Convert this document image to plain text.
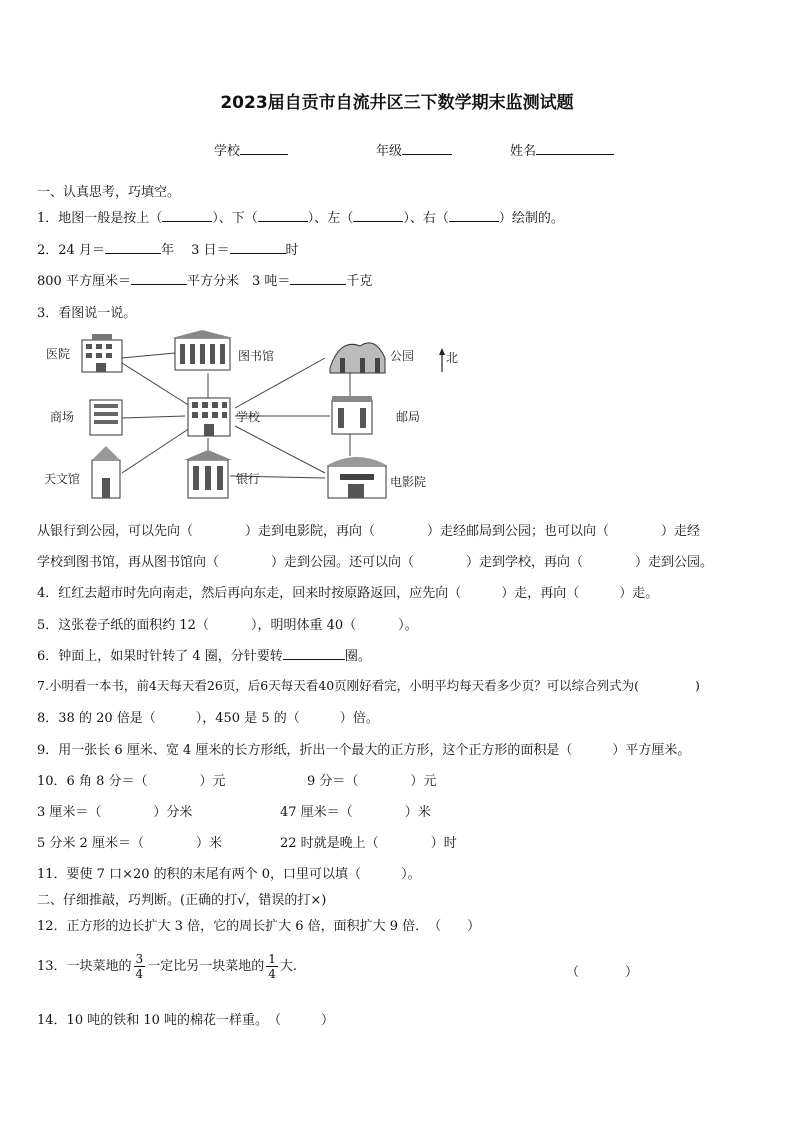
2023届自贡市自流井区三下数学期末监测试题
学校	年级	姓名
一、认真思考，巧填空。
1．地图一般是按上（	）、下（	）、左（	）、右（	）绘制的。
2．24 月＝	年　 3 日＝	时
800 平方厘米＝	平方分米　3 吨＝	千克
3．看图说一说。
医院	图书馆	公园	北
商场	学校	邮局
天文馆	银行	电影院
从银行到公园，可以先向（	）走到电影院，再向（	）走经邮局到公园；也可以向（	）走经
学校到图书馆，再从图书馆向（	）走到公园。还可以向（	）走到学校，再向（	）走到公园。
4．红红去超市时先向南走，然后再向东走，回来时按原路返回，应先向（	）走，再向（	）走。
5．这张卷子纸的面积约 12（	），明明体重 40（	）。
6．钟面上，如果时针转了 4 圈，分针要转	圈。
7.小明看一本书，前4天每天看26页，后6天每天看40页刚好看完，小明平均每天看多少页？可以综合列式为(	)
8．38 的 20 倍是（	），450 是 5 的（	）倍。
9．用一张长 6 厘米、宽 4 厘米的长方形纸，折出一个最大的正方形，这个正方形的面积是（	）平方厘米。
10．6 角 8 分＝（	）元	9 分＝（	）元
3 厘米＝（	）分米	47 厘米＝（	）米
5 分米 2 厘米＝（	）米	22 时就是晚上（	）时
11．要使 7 口×20 的积的末尾有两个 0，口里可以填（	）。
二、仔细推敲，巧判断。(正确的打√，错误的打×)
12．正方形的边长扩大 3 倍，它的周长扩大 6 倍，面积扩大 9 倍．　（ ）
13．一块菜地的 $\frac{3}{4}$ 一定比另一块菜地的 $\frac{1}{4}$ 大.	（	）
14．10 吨的铁和 10 吨的棉花一样重。　（	）
